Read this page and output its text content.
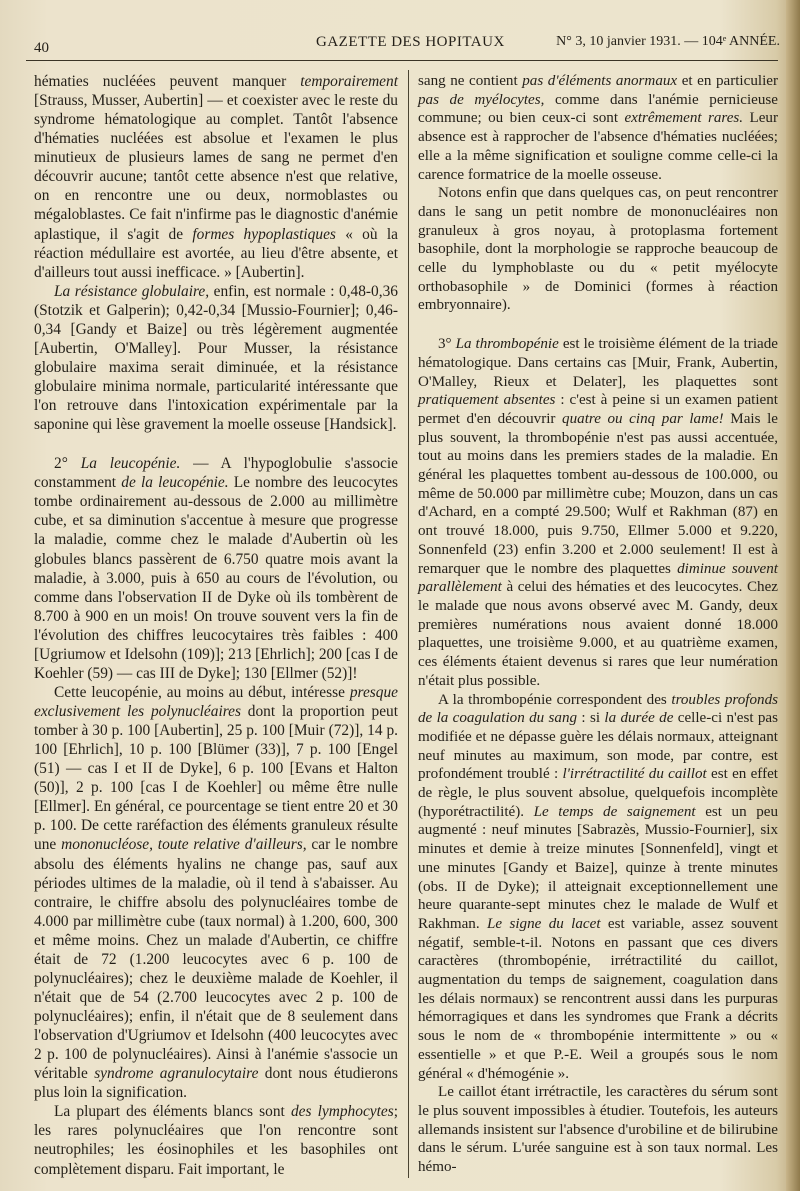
40	GAZETTE DES HOPITAUX	N° 3, 10 janvier 1931. — 104ᵉ ANNÉE.

hématies nucléées peuvent manquer temporairement [Strauss, Musser, Aubertin] — et coexister avec le reste du syndrome hématologique au complet. Tantôt l'absence d'hématies nucléées est absolue et l'examen le plus minutieux de plusieurs lames de sang ne permet d'en découvrir aucune; tantôt cette absence n'est que relative, on en rencontre une ou deux, normoblastes ou mégaloblastes. Ce fait n'infirme pas le diagnostic d'anémie aplastique, il s'agit de formes hypoplastiques « où la réaction médullaire est avortée, au lieu d'être absente, et d'ailleurs tout aussi inefficace. » [Aubertin].

La résistance globulaire, enfin, est normale : 0,48-0,36 (Stotzik et Galperin); 0,42-0,34 [Mussio-Fournier]; 0,46-0,34 [Gandy et Baize] ou très légèrement augmentée [Aubertin, O'Malley]. Pour Musser, la résistance globulaire maxima serait diminuée, et la résistance globulaire minima normale, particularité intéressante que l'on retrouve dans l'intoxication expérimentale par la saponine qui lèse gravement la moelle osseuse [Handsick].

2° La leucopénie. — A l'hypoglobulie s'associe constamment de la leucopénie. Le nombre des leucocytes tombe ordinairement au-dessous de 2.000 au millimètre cube, et sa diminution s'accentue à mesure que progresse la maladie, comme chez le malade d'Aubertin où les globules blancs passèrent de 6.750 quatre mois avant la maladie, à 3.000, puis à 650 au cours de l'évolution, ou comme dans l'observation II de Dyke où ils tombèrent de 8.700 à 900 en un mois! On trouve souvent vers la fin de l'évolution des chiffres leucocytaires très faibles : 400 [Ugriumow et Idelsohn (109)]; 213 [Ehrlich]; 200 [cas I de Koehler (59) — cas III de Dyke]; 130 [Ellmer (52)]!

Cette leucopénie, au moins au début, intéresse presque exclusivement les polynucléaires dont la proportion peut tomber à 30 p. 100 [Aubertin], 25 p. 100 [Muir (72)], 14 p. 100 [Ehrlich], 10 p. 100 [Blümer (33)], 7 p. 100 [Engel (51) — cas I et II de Dyke], 6 p. 100 [Evans et Halton (50)], 2 p. 100 [cas I de Koehler] ou même être nulle [Ellmer]. En général, ce pourcentage se tient entre 20 et 30 p. 100. De cette raréfaction des éléments granuleux résulte une mononucléose, toute relative d'ailleurs, car le nombre absolu des éléments hyalins ne change pas, sauf aux périodes ultimes de la maladie, où il tend à s'abaisser. Au contraire, le chiffre absolu des polynucléaires tombe de 4.000 par millimètre cube (taux normal) à 1.200, 600, 300 et même moins. Chez un malade d'Aubertin, ce chiffre était de 72 (1.200 leucocytes avec 6 p. 100 de polynucléaires); chez le deuxième malade de Koehler, il n'était que de 54 (2.700 leucocytes avec 2 p. 100 de polynucléaires); enfin, il n'était que de 8 seulement dans l'observation d'Ugriumov et Idelsohn (400 leucocytes avec 2 p. 100 de polynucléaires). Ainsi à l'anémie s'associe un véritable syndrome agranulocytaire dont nous étudierons plus loin la signification.

La plupart des éléments blancs sont des lymphocytes; les rares polynucléaires que l'on rencontre sont neutrophiles; les éosinophiles et les basophiles ont complètement disparu. Fait important, le

sang ne contient pas d'éléments anormaux et en particulier pas de myélocytes, comme dans l'anémie pernicieuse commune; ou bien ceux-ci sont extrêmement rares. Leur absence est à rapprocher de l'absence d'hématies nucléées; elle a la même signification et souligne comme celle-ci la carence formatrice de la moelle osseuse.

Notons enfin que dans quelques cas, on peut rencontrer dans le sang un petit nombre de mononucléaires non granuleux à gros noyau, à protoplasma fortement basophile, dont la morphologie se rapproche beaucoup de celle du lymphoblaste ou du « petit myélocyte orthobasophile » de Dominici (formes à réaction embryonnaire).

3° La thrombopénie est le troisième élément de la triade hématologique. Dans certains cas [Muir, Frank, Aubertin, O'Malley, Rieux et Delater], les plaquettes sont pratiquement absentes : c'est à peine si un examen patient permet d'en découvrir quatre ou cinq par lame! Mais le plus souvent, la thrombopénie n'est pas aussi accentuée, tout au moins dans les premiers stades de la maladie. En général les plaquettes tombent au-dessous de 100.000, ou même de 50.000 par millimètre cube; Mouzon, dans un cas d'Achard, en a compté 29.500; Wulf et Rakhman (87) en ont trouvé 18.000, puis 9.750, Ellmer 5.000 et 9.220, Sonnenfeld (23) enfin 3.200 et 2.000 seulement! Il est à remarquer que le nombre des plaquettes diminue souvent parallèlement à celui des hématies et des leucocytes. Chez le malade que nous avons observé avec M. Gandy, deux premières numérations nous avaient donné 18.000 plaquettes, une troisième 9.000, et au quatrième examen, ces éléments étaient devenus si rares que leur numération n'était plus possible.

A la thrombopénie correspondent des troubles profonds de la coagulation du sang : si la durée de celle-ci n'est pas modifiée et ne dépasse guère les délais normaux, atteignant neuf minutes au maximum, son mode, par contre, est profondément troublé : l'irrétractilité du caillot est en effet de règle, le plus souvent absolue, quelquefois incomplète (hyporétractilité). Le temps de saignement est un peu augmenté : neuf minutes [Sabrazès, Mussio-Fournier], six minutes et demie à treize minutes [Sonnenfeld], vingt et une minutes [Gandy et Baize], quinze à trente minutes (obs. II de Dyke); il atteignait exceptionnellement une heure quarante-sept minutes chez le malade de Wulf et Rakhman. Le signe du lacet est variable, assez souvent négatif, semble-t-il. Notons en passant que ces divers caractères (thrombopénie, irrétractilité du caillot, augmentation du temps de saignement, coagulation dans les délais normaux) se rencontrent aussi dans les purpuras hémorragiques et dans les syndromes que Frank a décrits sous le nom de « thrombopénie intermittente » ou « essentielle » et que P.-E. Weil a groupés sous le nom général « d'hémogénie ».

Le caillot étant irrétractile, les caractères du sérum sont le plus souvent impossibles à étudier. Toutefois, les auteurs allemands insistent sur l'absence d'urobiline et de bilirubine dans le sérum. L'urée sanguine est à son taux normal. Les hémo-
